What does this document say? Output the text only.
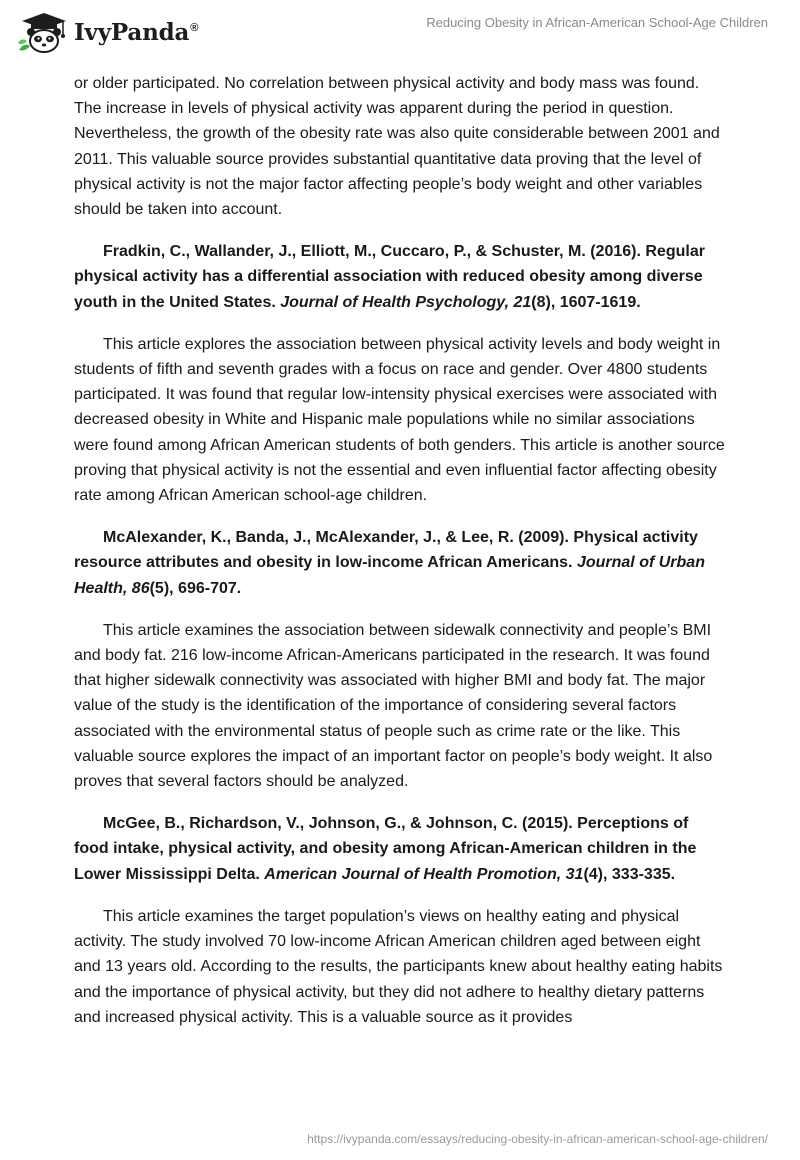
IvyPanda®	Reducing Obesity in African-American School-Age Children

or older participated. No correlation between physical activity and body mass was found. The increase in levels of physical activity was apparent during the period in question. Nevertheless, the growth of the obesity rate was also quite considerable between 2001 and 2011. This valuable source provides substantial quantitative data proving that the level of physical activity is not the major factor affecting people’s body weight and other variables should be taken into account.

Fradkin, C., Wallander, J., Elliott, M., Cuccaro, P., & Schuster, M. (2016). Regular physical activity has a differential association with reduced obesity among diverse youth in the United States. Journal of Health Psychology, 21(8), 1607-1619.

This article explores the association between physical activity levels and body weight in students of fifth and seventh grades with a focus on race and gender. Over 4800 students participated. It was found that regular low-intensity physical exercises were associated with decreased obesity in White and Hispanic male populations while no similar associations were found among African American students of both genders. This article is another source proving that physical activity is not the essential and even influential factor affecting obesity rate among African American school-age children.

McAlexander, K., Banda, J., McAlexander, J., & Lee, R. (2009). Physical activity resource attributes and obesity in low-income African Americans. Journal of Urban Health, 86(5), 696-707.

This article examines the association between sidewalk connectivity and people’s BMI and body fat. 216 low-income African-Americans participated in the research. It was found that higher sidewalk connectivity was associated with higher BMI and body fat. The major value of the study is the identification of the importance of considering several factors associated with the environmental status of people such as crime rate or the like. This valuable source explores the impact of an important factor on people’s body weight. It also proves that several factors should be analyzed.

McGee, B., Richardson, V., Johnson, G., & Johnson, C. (2015). Perceptions of food intake, physical activity, and obesity among African-American children in the Lower Mississippi Delta. American Journal of Health Promotion, 31(4), 333-335.

This article examines the target population’s views on healthy eating and physical activity. The study involved 70 low-income African American children aged between eight and 13 years old. According to the results, the participants knew about healthy eating habits and the importance of physical activity, but they did not adhere to healthy dietary patterns and increased physical activity. This is a valuable source as it provides

https://ivypanda.com/essays/reducing-obesity-in-african-american-school-age-children/
